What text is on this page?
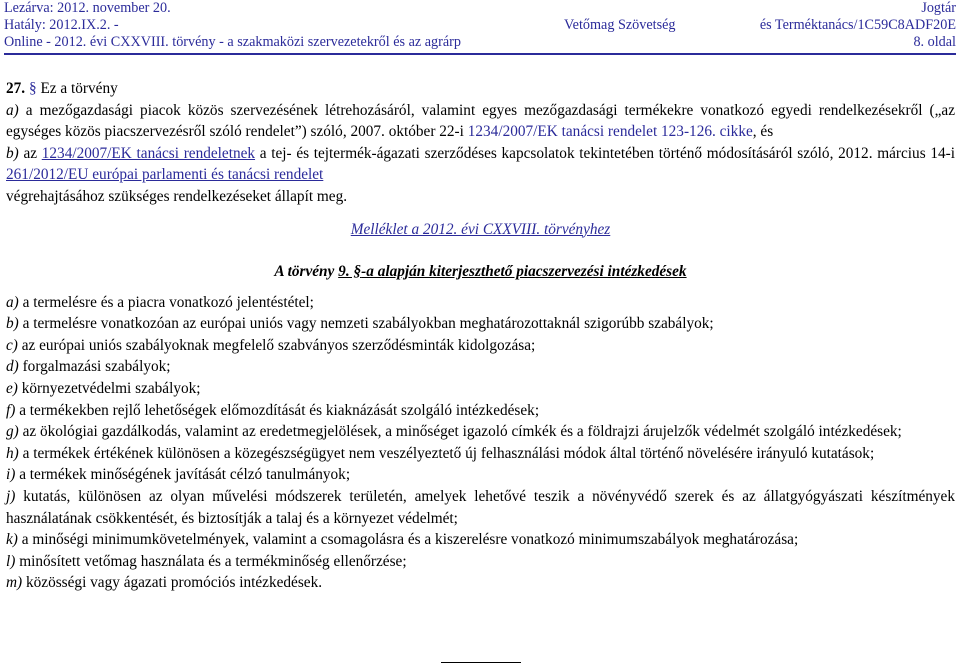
Lezárva: 2012. november 20.	Jogtár
Hatály: 2012.IX.2. -	Vetőmag Szövetség	és Terméktanács/1C59C8ADF20E
Online - 2012. évi CXXVIII. törvény - a szakmaközi szervezetekről és az agrárp	8. oldal

27. § Ez a törvény

a) a mezőgazdasági piacok közös szervezésének létrehozásáról, valamint egyes mezőgazdasági termékekre vonatkozó egyedi rendelkezésekről („az egységes közös piacszervezésről szóló rendelet”) szóló, 2007. október 22-i 1234/2007/EK tanácsi rendelet 123-126. cikke, és

b) az 1234/2007/EK tanácsi rendeletnek a tej- és tejtermék-ágazati szerződéses kapcsolatok tekintetében történő módosításáról szóló, 2012. március 14-i 261/2012/EU európai parlamenti és tanácsi rendelet

végrehajtásához szükséges rendelkezéseket állapít meg.

Melléklet a 2012. évi CXXVIII. törvényhez

A törvény 9. §-a alapján kiterjeszthető piacszervezési intézkedések

a) a termelésre és a piacra vonatkozó jelentéstétel;

b) a termelésre vonatkozóan az európai uniós vagy nemzeti szabályokban meghatározottaknál szigorúbb szabályok;

c) az európai uniós szabályoknak megfelelő szabványos szerződésminták kidolgozása;

d) forgalmazási szabályok;

e) környezetvédelmi szabályok;

f) a termékekben rejlő lehetőségek előmozdítását és kiaknázását szolgáló intézkedések;

g) az ökológiai gazdálkodás, valamint az eredetmegjelölések, a minőséget igazoló címkék és a földrajzi árujelzők védelmét szolgáló intézkedések;

h) a termékek értékének különösen a közegészségügyet nem veszélyeztető új felhasználási módok által történő növelésére irányuló kutatások;

i) a termékek minőségének javítását célzó tanulmányok;

j) kutatás, különösen az olyan művelési módszerek területén, amelyek lehetővé teszik a növényvédő szerek és az állatgyógyászati készítmények használatának csökkentését, és biztosítják a talaj és a környezet védelmét;

k) a minőségi minimumkövetelmények, valamint a csomagolásra és a kiszerelésre vonatkozó minimumszabályok meghatározása;

l) minősített vetőmag használata és a termékminőség ellenőrzése;

m) közösségi vagy ágazati promóciós intézkedések.
